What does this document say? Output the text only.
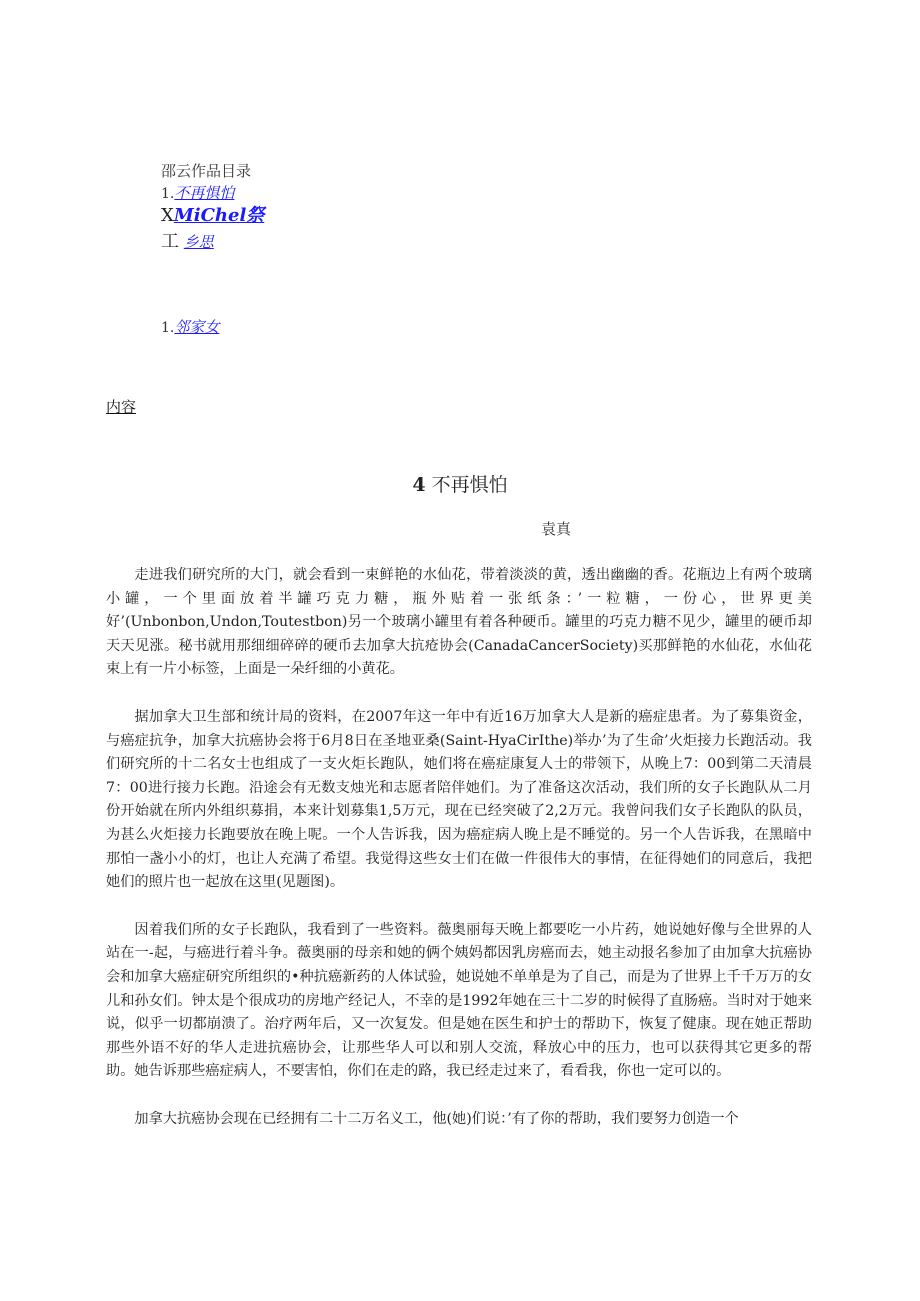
邵云作品目录
1.不再惧怕
XMiChel祭
工 乡思
1.邻家女
内容
4 不再惧怕
袁真

走进我们研究所的大门，就会看到一束鲜艳的水仙花，带着淡淡的黄，透出幽幽的香。花瓶边上有两个玻璃小罐，一个里面放着半罐巧克力糖，瓶外贴着一张纸条：’一粒糖，一份心，世界更美好’(Unbonbon,Undon,Toutestbon)另一个玻璃小罐里有着各种硬币。罐里的巧克力糖不见少，罐里的硬币却天天见涨。秘书就用那细细碎碎的硬币去加拿大抗疮协会(CanadaCancerSociety)买那鲜艳的水仙花，水仙花束上有一片小标签，上面是一朵纤细的小黄花。

据加拿大卫生部和统计局的资料，在2007年这一年中有近16万加拿大人是新的癌症患者。为了募集资金，与癌症抗争，加拿大抗癌协会将于6月8日在圣地亚桑(Saint-HyaCirIthe)举办’为了生命’火炬接力长跑活动。我们研究所的十二名女士也组成了一支火炬长跑队，她们将在癌症康复人士的带领下，从晚上7：00到第二天清晨7：00进行接力长跑。沿途会有无数支烛光和志愿者陪伴她们。为了准备这次活动，我们所的女子长跑队从二月份开始就在所内外组织募捐，本来计划募集1,5万元，现在已经突破了2,2万元。我曾问我们女子长跑队的队员，为甚么火炬接力长跑要放在晚上呢。一个人告诉我，因为癌症病人晚上是不睡觉的。另一个人告诉我，在黑暗中那怕一盏小小的灯，也让人充满了希望。我觉得这些女士们在做一件很伟大的事情，在征得她们的同意后，我把她们的照片也一起放在这里(见题图)。

因着我们所的女子长跑队，我看到了一些资料。薇奥丽每天晚上都要吃一小片药，她说她好像与全世界的人站在一-起，与癌进行着斗争。薇奥丽的母亲和她的俩个姨妈都因乳房癌而去，她主动报名参加了由加拿大抗癌协会和加拿大癌症研究所组织的•种抗癌新药的人体试验，她说她不单单是为了自己，而是为了世界上千千万万的女儿和孙女们。钟太是个很成功的房地产经记人，不幸的是1992年她在三十二岁的时候得了直肠癌。当时对于她来说，似乎一切都崩溃了。治疗两年后，又一次复发。但是她在医生和护士的帮助下，恢复了健康。现在她正帮助那些外语不好的华人走进抗癌协会，让那些华人可以和别人交流，释放心中的压力，也可以获得其它更多的帮助。她告诉那些癌症病人，不要害怕，你们在走的路，我已经走过来了，看看我，你也一定可以的。

加拿大抗癌协会现在已经拥有二十二万名义工，他(她)们说：’有了你的帮助，我们要努力创造一个
